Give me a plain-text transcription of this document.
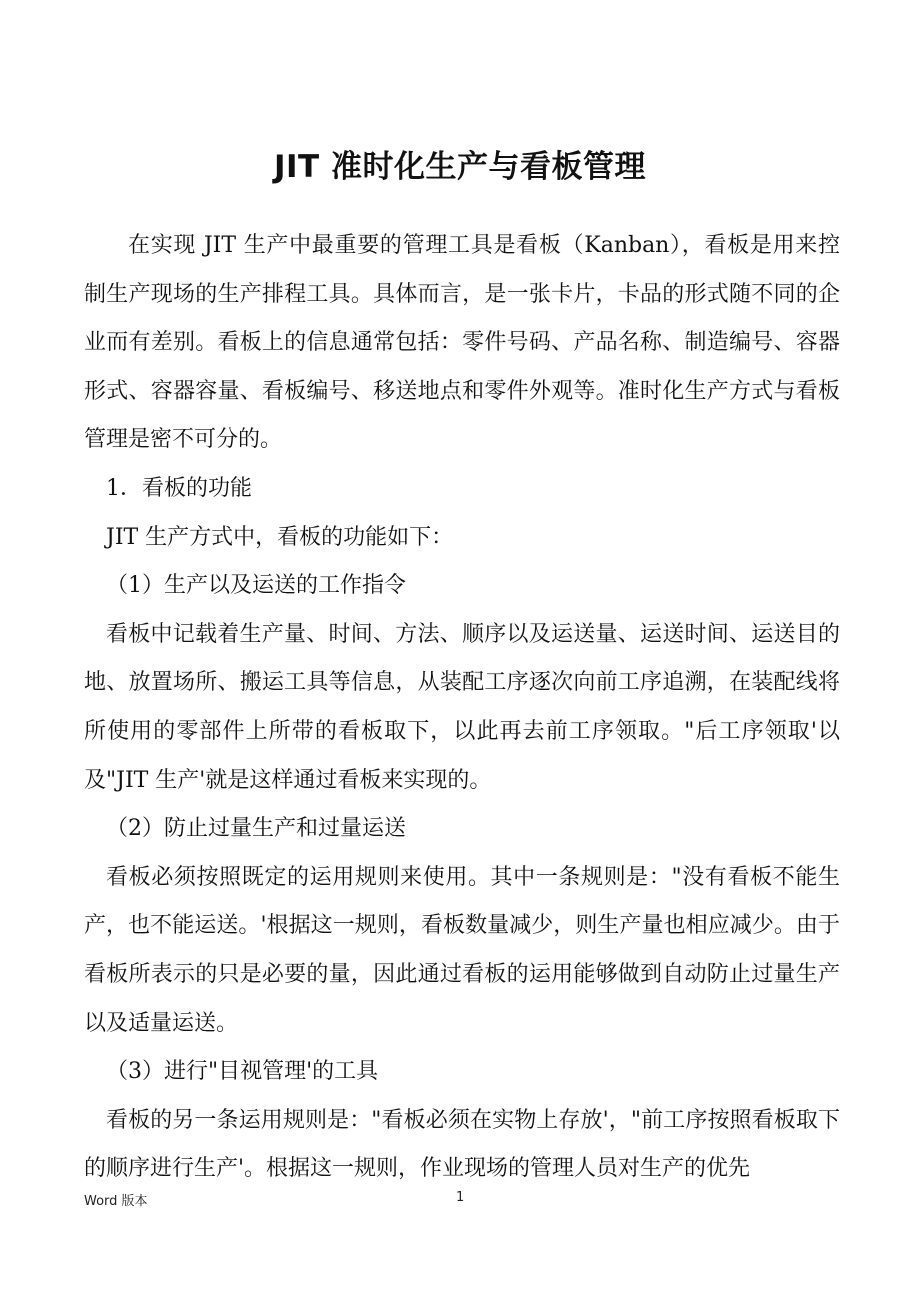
JIT 准时化生产与看板管理

在实现 JIT 生产中最重要的管理工具是看板（Kanban），看板是用来控制生产现场的生产排程工具。具体而言，是一张卡片，卡品的形式随不同的企业而有差别。看板上的信息通常包括：零件号码、产品名称、制造编号、容器形式、容器容量、看板编号、移送地点和零件外观等。准时化生产方式与看板管理是密不可分的。

1．看板的功能

JIT 生产方式中，看板的功能如下：

（1）生产以及运送的工作指令

看板中记载着生产量、时间、方法、顺序以及运送量、运送时间、运送目的地、放置场所、搬运工具等信息，从装配工序逐次向前工序追溯，在装配线将所使用的零部件上所带的看板取下，以此再去前工序领取。"后工序领取'以及"JIT 生产'就是这样通过看板来实现的。

（2）防止过量生产和过量运送

看板必须按照既定的运用规则来使用。其中一条规则是："没有看板不能生产，也不能运送。'根据这一规则，看板数量减少，则生产量也相应减少。由于看板所表示的只是必要的量，因此通过看板的运用能够做到自动防止过量生产以及适量运送。

（3）进行"目视管理'的工具

看板的另一条运用规则是："看板必须在实物上存放'，"前工序按照看板取下的顺序进行生产'。根据这一规则，作业现场的管理人员对生产的优先

Word 版本	1
